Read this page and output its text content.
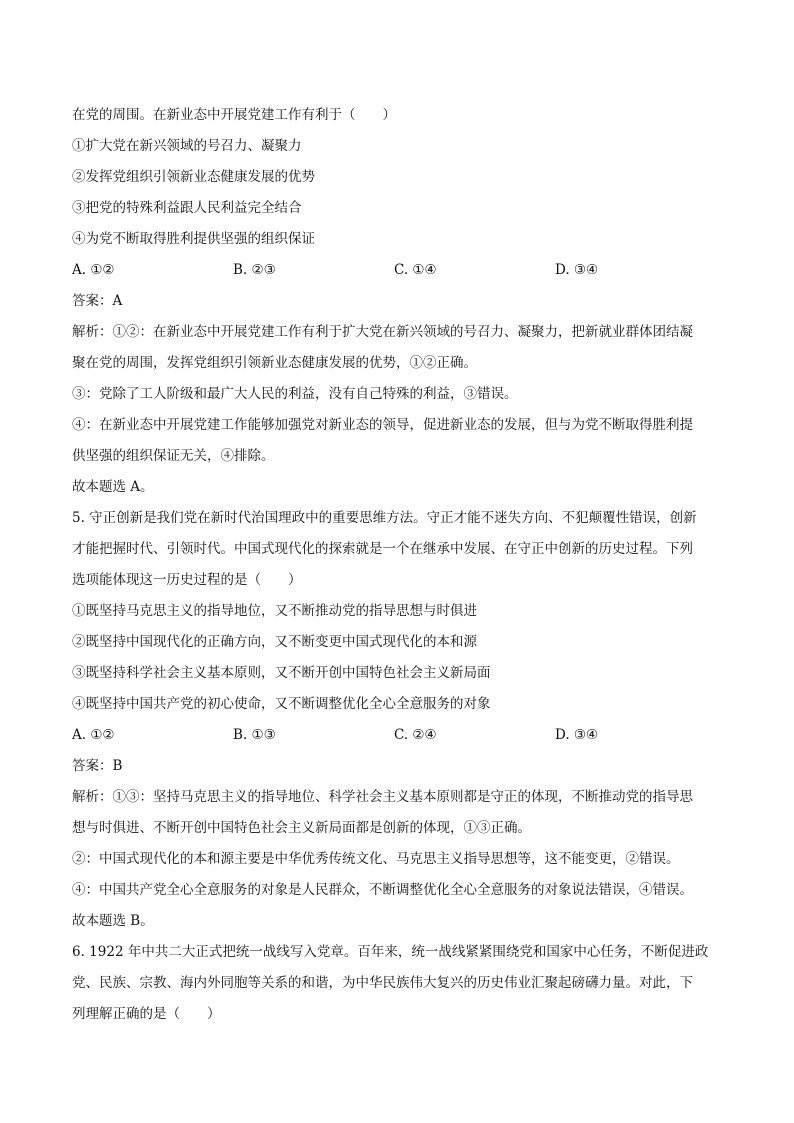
在党的周围。在新业态中开展党建工作有利于（　　）
①扩大党在新兴领域的号召力、凝聚力
②发挥党组织引领新业态健康发展的优势
③把党的特殊利益跟人民利益完全结合
④为党不断取得胜利提供坚强的组织保证
A. ①②	B. ②③	C. ①④	D. ③④
答案：A
解析：①②：在新业态中开展党建工作有利于扩大党在新兴领域的号召力、凝聚力，把新就业群体团结凝
聚在党的周围，发挥党组织引领新业态健康发展的优势，①②正确。
③：党除了工人阶级和最广大人民的利益，没有自己特殊的利益，③错误。
④：在新业态中开展党建工作能够加强党对新业态的领导，促进新业态的发展，但与为党不断取得胜利提
供坚强的组织保证无关，④排除。
故本题选 A。
5. 守正创新是我们党在新时代治国理政中的重要思维方法。守正才能不迷失方向、不犯颠覆性错误，创新
才能把握时代、引领时代。中国式现代化的探索就是一个在继承中发展、在守正中创新的历史过程。下列
选项能体现这一历史过程的是（　　）
①既坚持马克思主义的指导地位，又不断推动党的指导思想与时俱进
②既坚持中国现代化的正确方向，又不断变更中国式现代化的本和源
③既坚持科学社会主义基本原则，又不断开创中国特色社会主义新局面
④既坚持中国共产党的初心使命，又不断调整优化全心全意服务的对象
A. ①②	B. ①③	C. ②④	D. ③④
答案：B
解析：①③：坚持马克思主义的指导地位、科学社会主义基本原则都是守正的体现，不断推动党的指导思
想与时俱进、不断开创中国特色社会主义新局面都是创新的体现，①③正确。
②：中国式现代化的本和源主要是中华优秀传统文化、马克思主义指导思想等，这不能变更，②错误。
④：中国共产党全心全意服务的对象是人民群众，不断调整优化全心全意服务的对象说法错误，④错误。
故本题选 B。
6. 1922 年中共二大正式把统一战线写入党章。百年来，统一战线紧紧围绕党和国家中心任务，不断促进政
党、民族、宗教、海内外同胞等关系的和谐，为中华民族伟大复兴的历史伟业汇聚起磅礴力量。对此，下
列理解正确的是（　　）
